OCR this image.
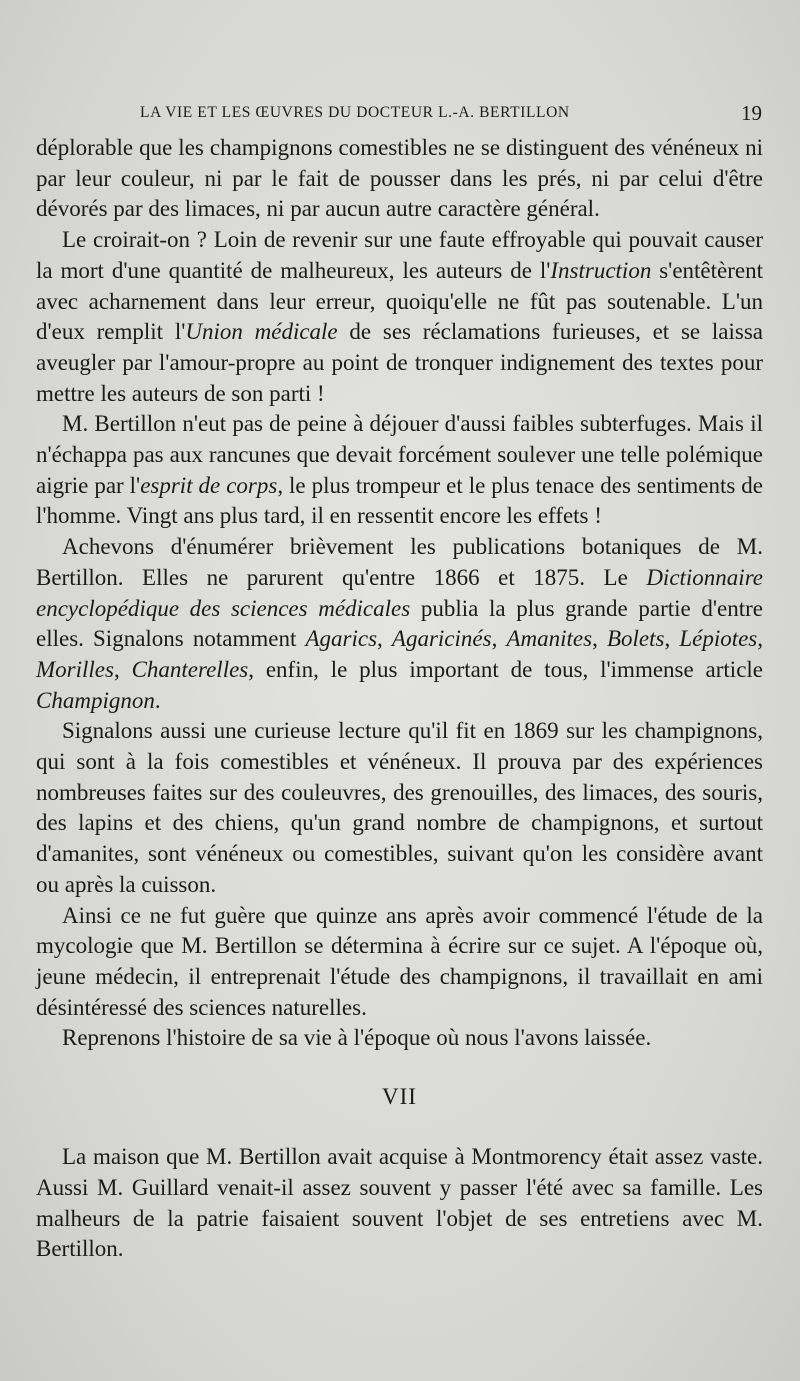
LA VIE ET LES ŒUVRES DU DOCTEUR L.-A. BERTILLON	19

déplorable que les champignons comestibles ne se distinguent des vénéneux ni par leur couleur, ni par le fait de pousser dans les prés, ni par celui d'être dévorés par des limaces, ni par aucun autre caractère général.

Le croirait-on ? Loin de revenir sur une faute effroyable qui pouvait causer la mort d'une quantité de malheureux, les auteurs de l'Instruction s'entêtèrent avec acharnement dans leur erreur, quoiqu'elle ne fût pas soutenable. L'un d'eux remplit l'Union médicale de ses réclamations furieuses, et se laissa aveugler par l'amour-propre au point de tronquer indignement des textes pour mettre les auteurs de son parti !

M. Bertillon n'eut pas de peine à déjouer d'aussi faibles subterfuges. Mais il n'échappa pas aux rancunes que devait forcément soulever une telle polémique aigrie par l'esprit de corps, le plus trompeur et le plus tenace des sentiments de l'homme. Vingt ans plus tard, il en ressentit encore les effets !

Achevons d'énumérer brièvement les publications botaniques de M. Bertillon. Elles ne parurent qu'entre 1866 et 1875. Le Dictionnaire encyclopédique des sciences médicales publia la plus grande partie d'entre elles. Signalons notamment Agarics, Agaricinés, Amanites, Bolets, Lépiotes, Morilles, Chanterelles, enfin, le plus important de tous, l'immense article Champignon.

Signalons aussi une curieuse lecture qu'il fit en 1869 sur les champignons, qui sont à la fois comestibles et vénéneux. Il prouva par des expériences nombreuses faites sur des couleuvres, des grenouilles, des limaces, des souris, des lapins et des chiens, qu'un grand nombre de champignons, et surtout d'amanites, sont vénéneux ou comestibles, suivant qu'on les considère avant ou après la cuisson.

Ainsi ce ne fut guère que quinze ans après avoir commencé l'étude de la mycologie que M. Bertillon se détermina à écrire sur ce sujet. A l'époque où, jeune médecin, il entreprenait l'étude des champignons, il travaillait en ami désintéressé des sciences naturelles.

Reprenons l'histoire de sa vie à l'époque où nous l'avons laissée.

VII

La maison que M. Bertillon avait acquise à Montmorency était assez vaste. Aussi M. Guillard venait-il assez souvent y passer l'été avec sa famille. Les malheurs de la patrie faisaient souvent l'objet de ses entretiens avec M. Bertillon.
